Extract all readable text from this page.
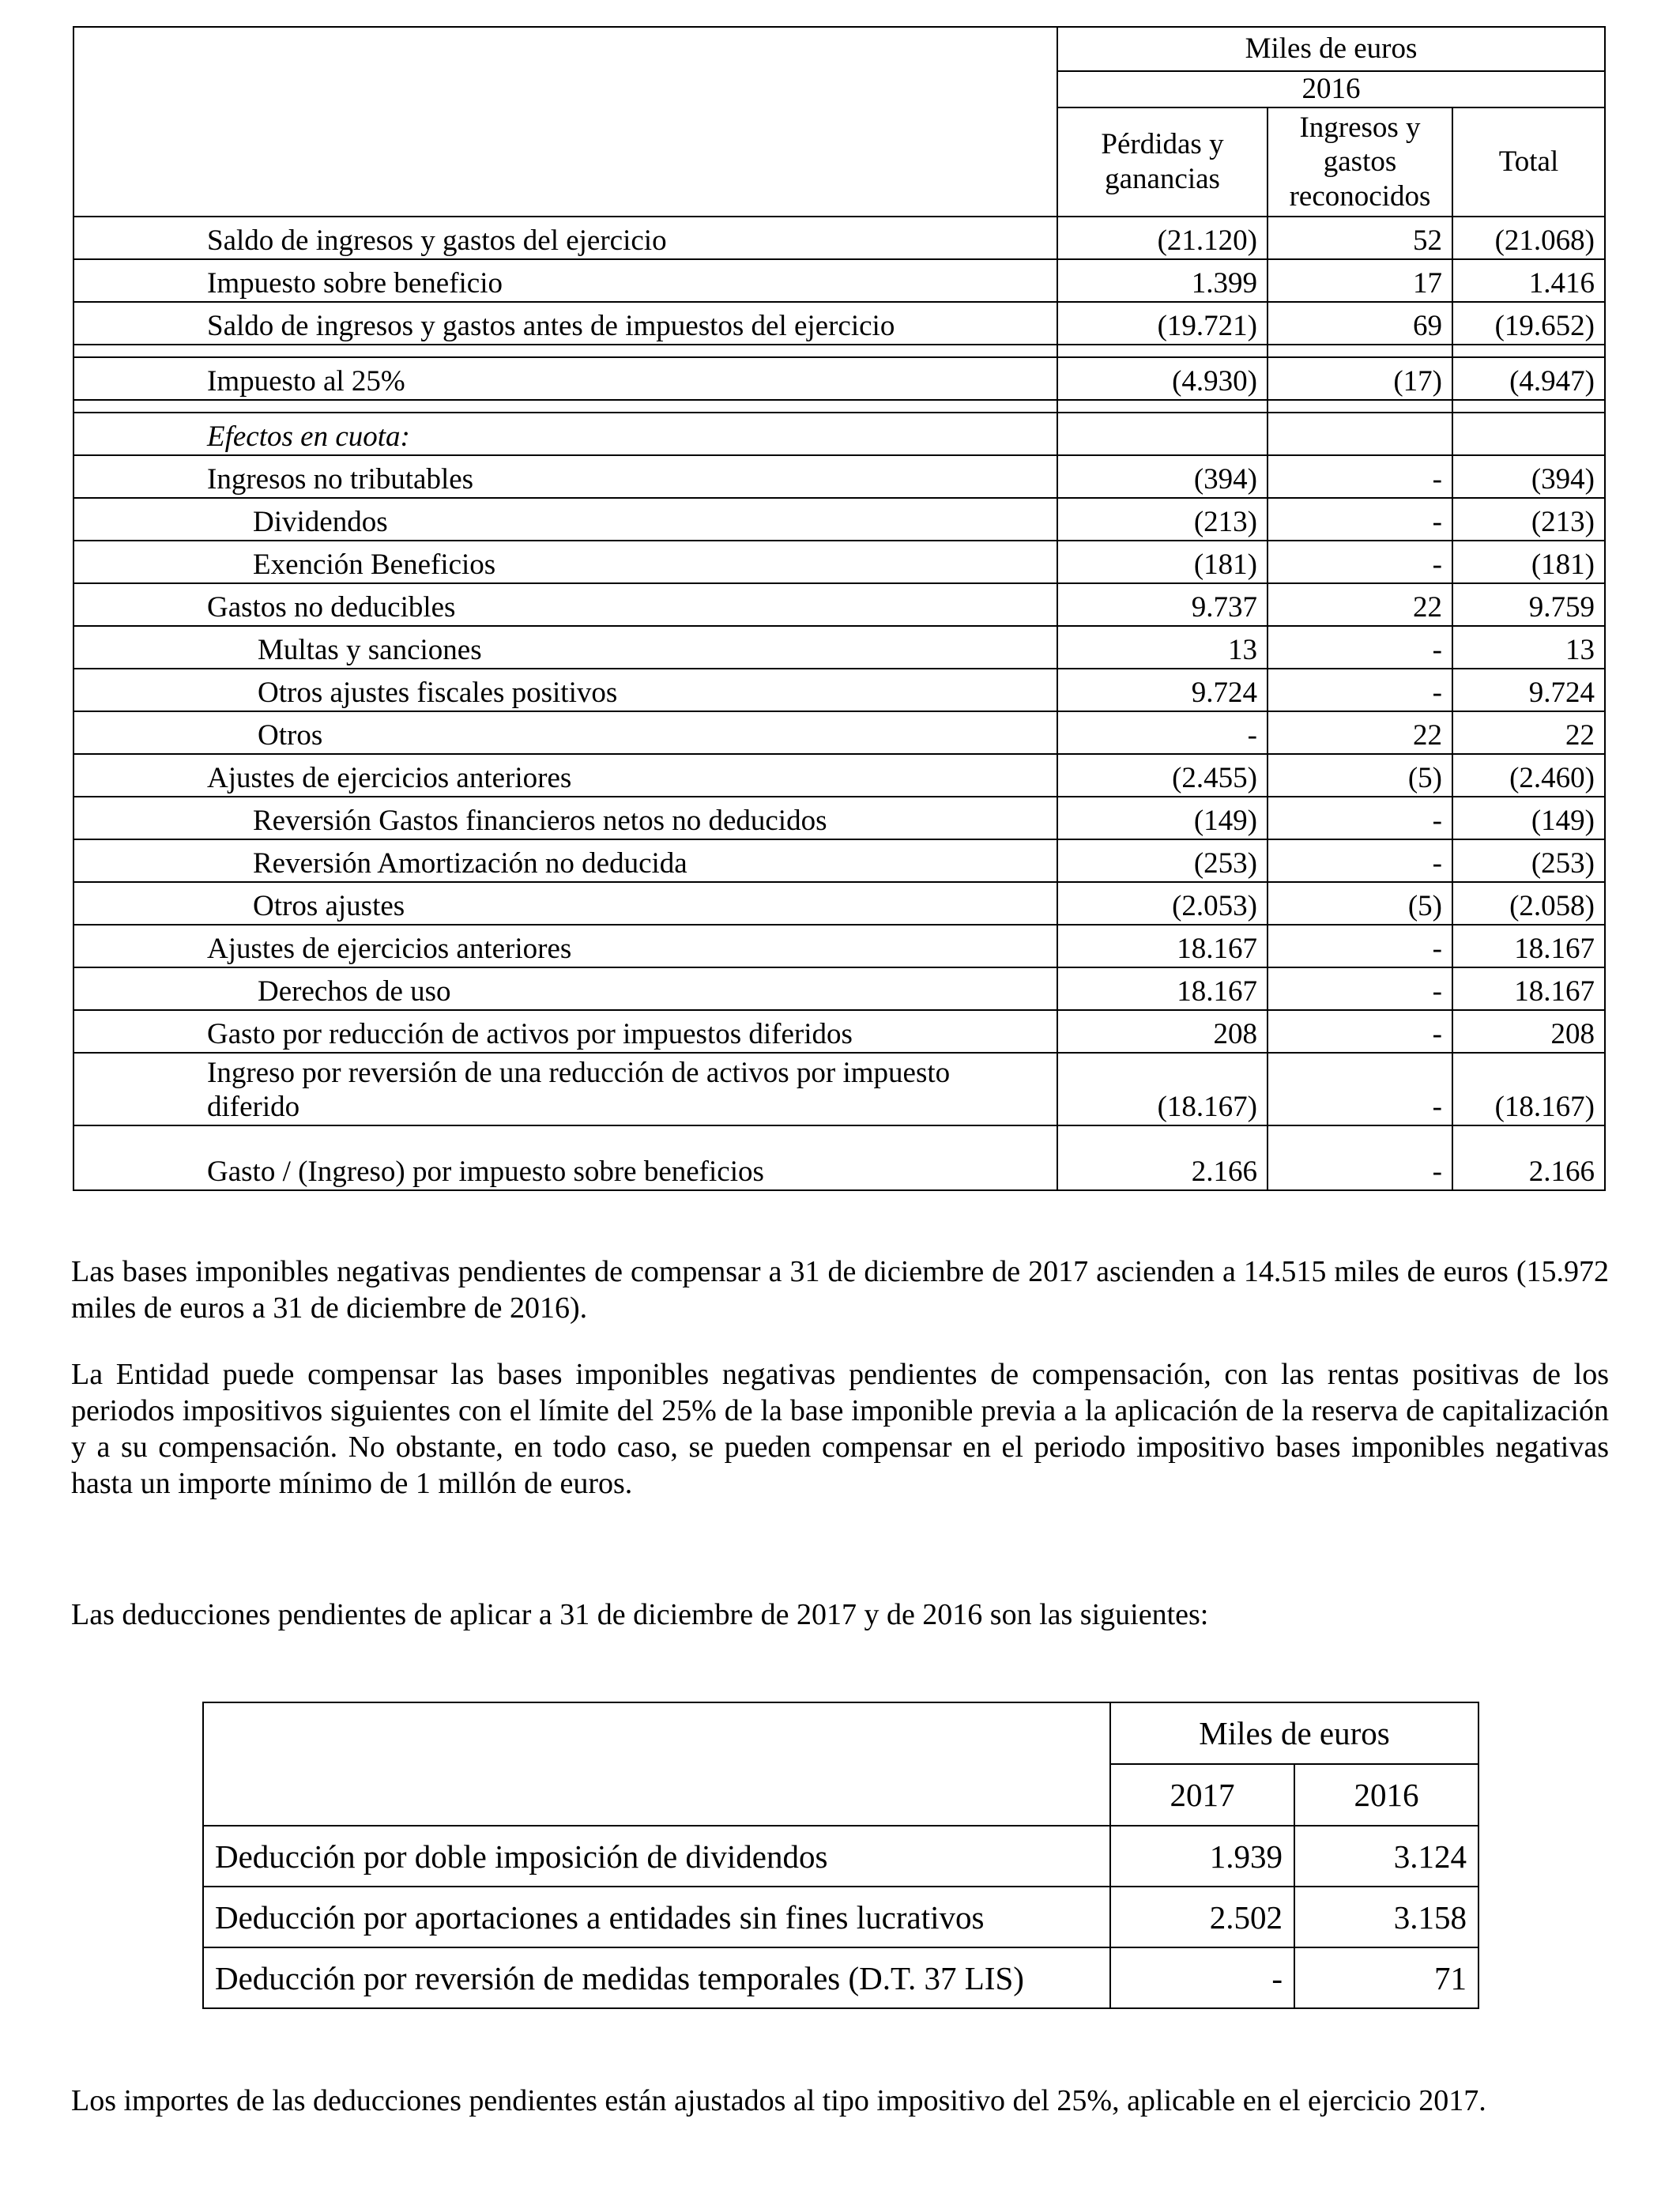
	Miles de euros		
	2016		
	Pérdidas y ganancias	Ingresos y gastos reconocidos	Total
Saldo de ingresos y gastos del ejercicio	(21.120)	52	(21.068)
Impuesto sobre beneficio	1.399	17	1.416
Saldo de ingresos y gastos antes de impuestos del ejercicio	(19.721)	69	(19.652)

Impuesto al 25%	(4.930)	(17)	(4.947)

Efectos en cuota:			
Ingresos no tributables	(394)	-	(394)
Dividendos	(213)	-	(213)
Exención Beneficios	(181)	-	(181)
Gastos no deducibles	9.737	22	9.759
Multas y sanciones	13	-	13
Otros ajustes fiscales positivos	9.724	-	9.724
Otros	-	22	22
Ajustes de ejercicios anteriores	(2.455)	(5)	(2.460)
Reversión Gastos financieros netos no deducidos	(149)	-	(149)
Reversión Amortización no deducida	(253)	-	(253)
Otros ajustes	(2.053)	(5)	(2.058)
Ajustes de ejercicios anteriores	18.167	-	18.167
Derechos de uso	18.167	-	18.167
Gasto por reducción de activos por impuestos diferidos	208	-	208
Ingreso por reversión de una reducción de activos por impuesto diferido	(18.167)	-	(18.167)
Gasto / (Ingreso) por impuesto sobre beneficios	2.166	-	2.166

Las bases imponibles negativas pendientes de compensar a 31 de diciembre de 2017 ascienden a 14.515 miles de euros (15.972 miles de euros a 31 de diciembre de 2016).

La Entidad puede compensar las bases imponibles negativas pendientes de compensación, con las rentas positivas de los periodos impositivos siguientes con el límite del 25% de la base imponible previa a la aplicación de la reserva de capitalización y a su compensación. No obstante, en todo caso, se pueden compensar en el periodo impositivo bases imponibles negativas hasta un importe mínimo de 1 millón de euros.

Las deducciones pendientes de aplicar a 31 de diciembre de 2017 y de 2016 son las siguientes:

	Miles de euros	
	2017	2016
Deducción por doble imposición de dividendos	1.939	3.124
Deducción por aportaciones a entidades sin fines lucrativos	2.502	3.158
Deducción por reversión de medidas temporales (D.T. 37 LIS)	-	71

Los importes de las deducciones pendientes están ajustados al tipo impositivo del 25%, aplicable en el ejercicio 2017.
